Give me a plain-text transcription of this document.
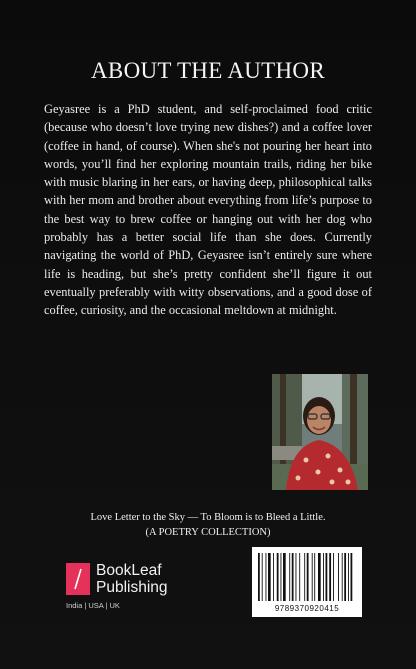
ABOUT THE AUTHOR

Geyasree is a PhD student, and self-proclaimed food critic (because who doesn’t love trying new dishes?) and a coffee lover (coffee in hand, of course). When she's not pouring her heart into words, you’ll find her exploring mountain trails, riding her bike with music blaring in her ears, or having deep, philosophical talks with her mom and brother about everything from life’s purpose to the best way to brew coffee or hanging out with her dog who probably has a better social life than she does. Currently navigating the world of PhD, Geyasree isn’t entirely sure where life is heading, but she’s pretty confident she’ll figure it out eventually preferably with witty observations, and a good dose of coffee, curiosity, and the occasional meltdown at midnight.

Love Letter to the Sky — To Bloom is to Bleed a Little.
(A POETRY COLLECTION)
BookLeaf
Publishing
India | USA | UK	9789370920415
